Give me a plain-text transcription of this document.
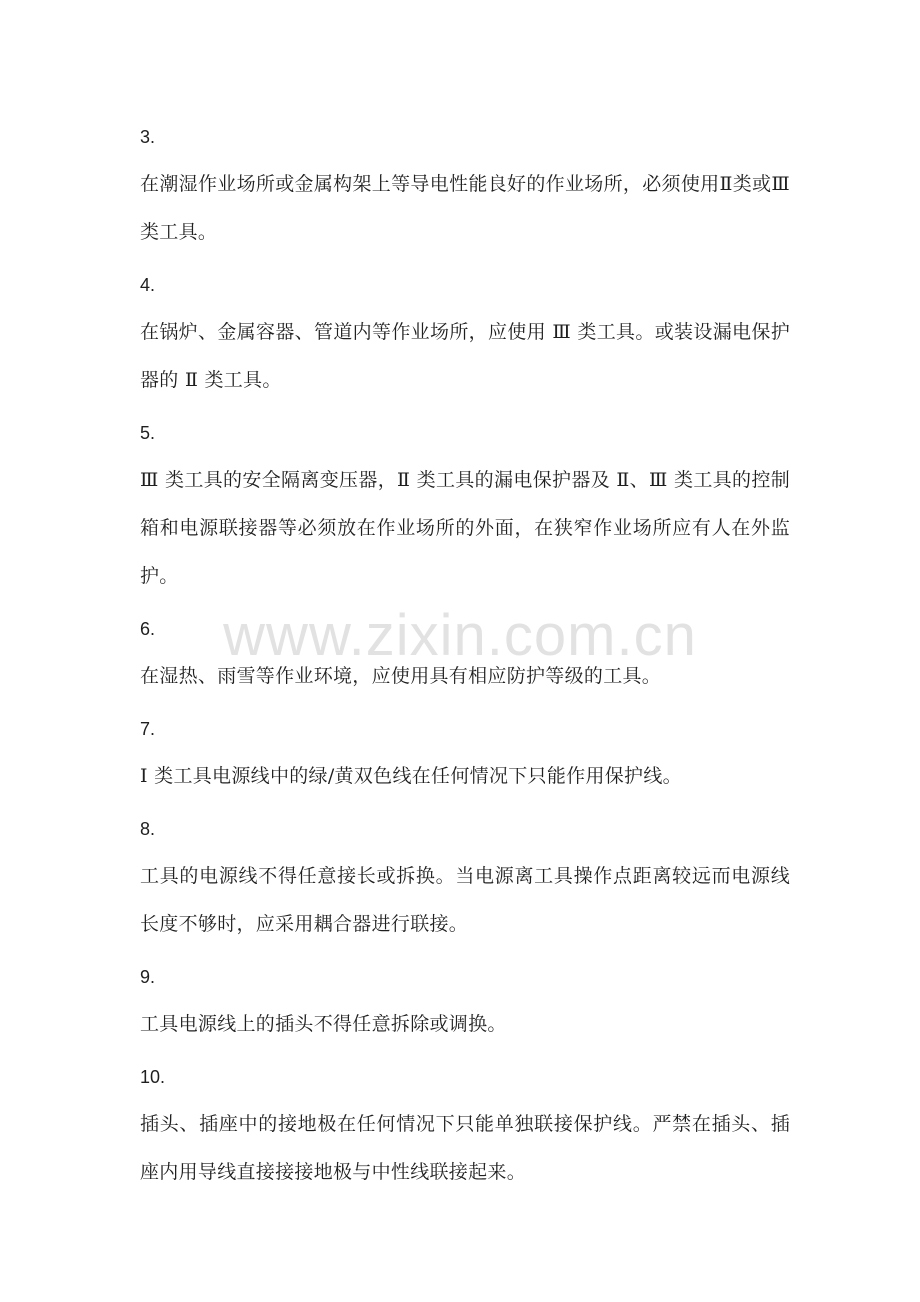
3.

在潮湿作业场所或金属构架上等导电性能良好的作业场所，必须使用Ⅱ类或Ⅲ类工具。

4.

在锅炉、金属容器、管道内等作业场所，应使用 Ⅲ 类工具。或装设漏电保护器的 Ⅱ 类工具。

5.

Ⅲ 类工具的安全隔离变压器，Ⅱ 类工具的漏电保护器及 Ⅱ、Ⅲ 类工具的控制箱和电源联接器等必须放在作业场所的外面，在狭窄作业场所应有人在外监护。

6.

在湿热、雨雪等作业环境，应使用具有相应防护等级的工具。

7.

Ⅰ 类工具电源线中的绿/黄双色线在任何情况下只能作用保护线。

8.

工具的电源线不得任意接长或拆换。当电源离工具操作点距离较远而电源线长度不够时，应采用耦合器进行联接。

9.

工具电源线上的插头不得任意拆除或调换。

10.

插头、插座中的接地极在任何情况下只能单独联接保护线。严禁在插头、插座内用导线直接接接地极与中性线联接起来。

www.zixin.com.cn
